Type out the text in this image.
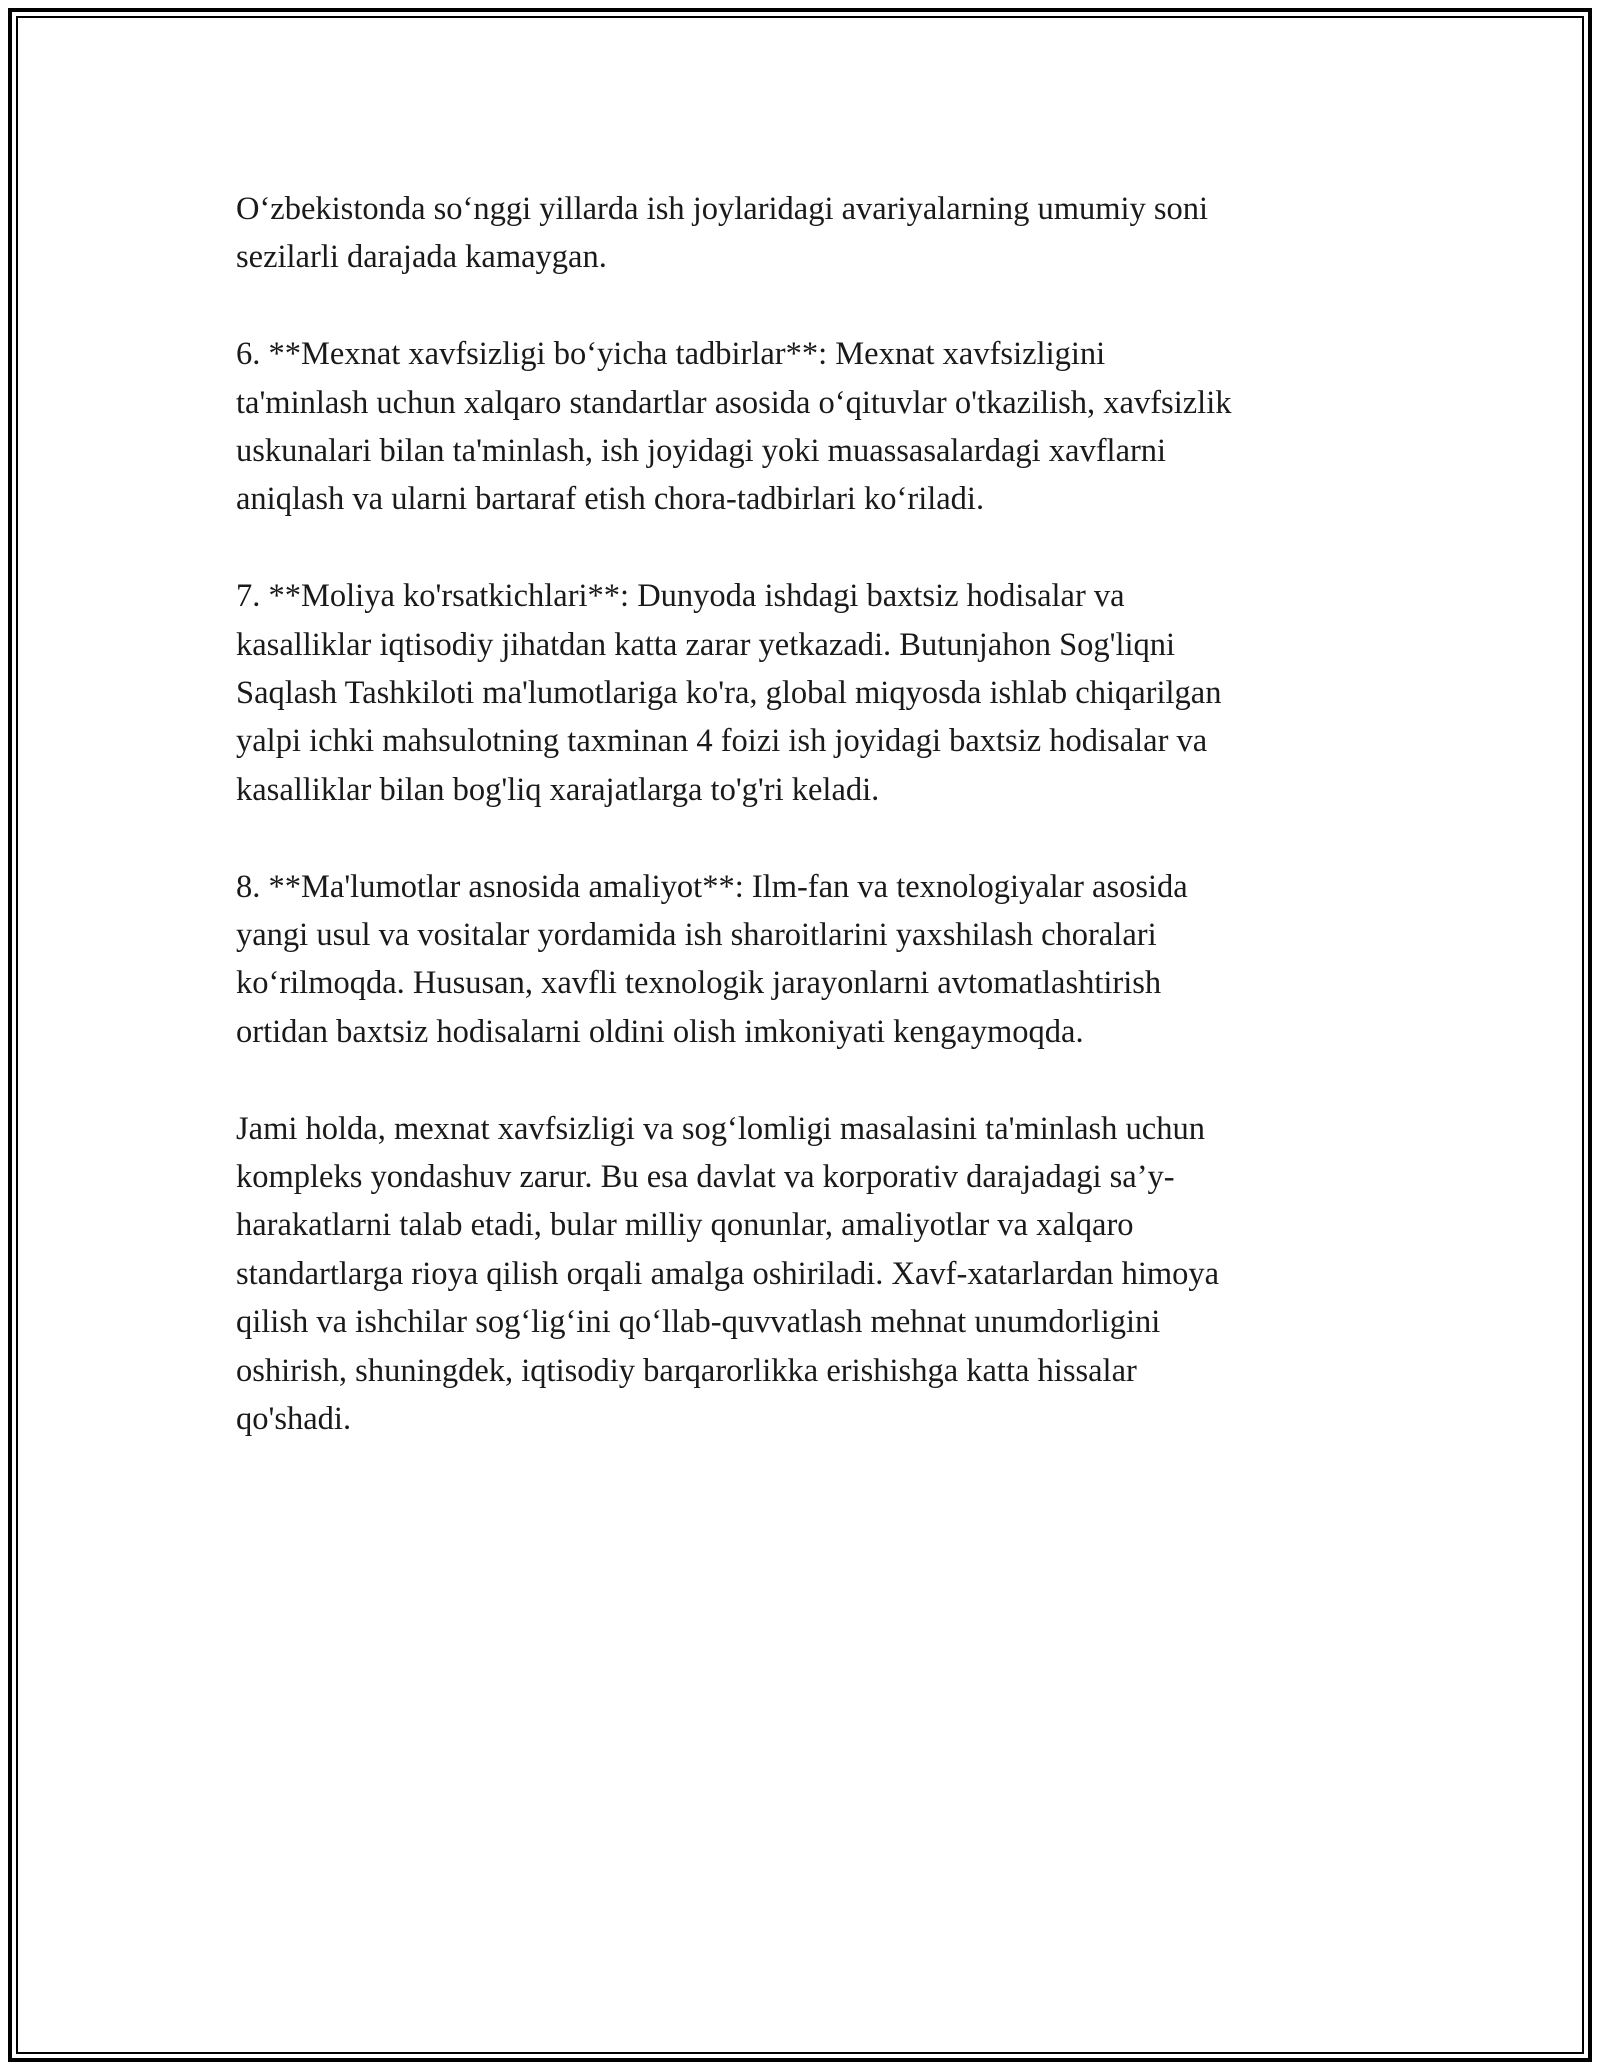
O‘zbekistonda so‘nggi yillarda ish joylaridagi avariyalarning umumiy soni
sezilarli darajada kamaygan.

6. **Mexnat xavfsizligi bo‘yicha tadbirlar**: Mexnat xavfsizligini
ta'minlash uchun xalqaro standartlar asosida o‘qituvlar o'tkazilish, xavfsizlik
uskunalari bilan ta'minlash, ish joyidagi yoki muassasalardagi xavflarni
aniqlash va ularni bartaraf etish chora-tadbirlari ko‘riladi.

7. **Moliya ko'rsatkichlari**: Dunyoda ishdagi baxtsiz hodisalar va
kasalliklar iqtisodiy jihatdan katta zarar yetkazadi. Butunjahon Sog'liqni
Saqlash Tashkiloti ma'lumotlariga ko'ra, global miqyosda ishlab chiqarilgan
yalpi ichki mahsulotning taxminan 4 foizi ish joyidagi baxtsiz hodisalar va
kasalliklar bilan bog'liq xarajatlarga to'g'ri keladi.

8. **Ma'lumotlar asnosida amaliyot**: Ilm-fan va texnologiyalar asosida
yangi usul va vositalar yordamida ish sharoitlarini yaxshilash choralari
ko‘rilmoqda. Hususan, xavfli texnologik jarayonlarni avtomatlashtirish
ortidan baxtsiz hodisalarni oldini olish imkoniyati kengaymoqda.

Jami holda, mexnat xavfsizligi va sog‘lomligi masalasini ta'minlash uchun
kompleks yondashuv zarur. Bu esa davlat va korporativ darajadagi sa’y-
harakatlarni talab etadi, bular milliy qonunlar, amaliyotlar va xalqaro
standartlarga rioya qilish orqali amalga oshiriladi. Xavf-xatarlardan himoya
qilish va ishchilar sog‘lig‘ini qo‘llab-quvvatlash mehnat unumdorligini
oshirish, shuningdek, iqtisodiy barqarorlikka erishishga katta hissalar
qo'shadi.
